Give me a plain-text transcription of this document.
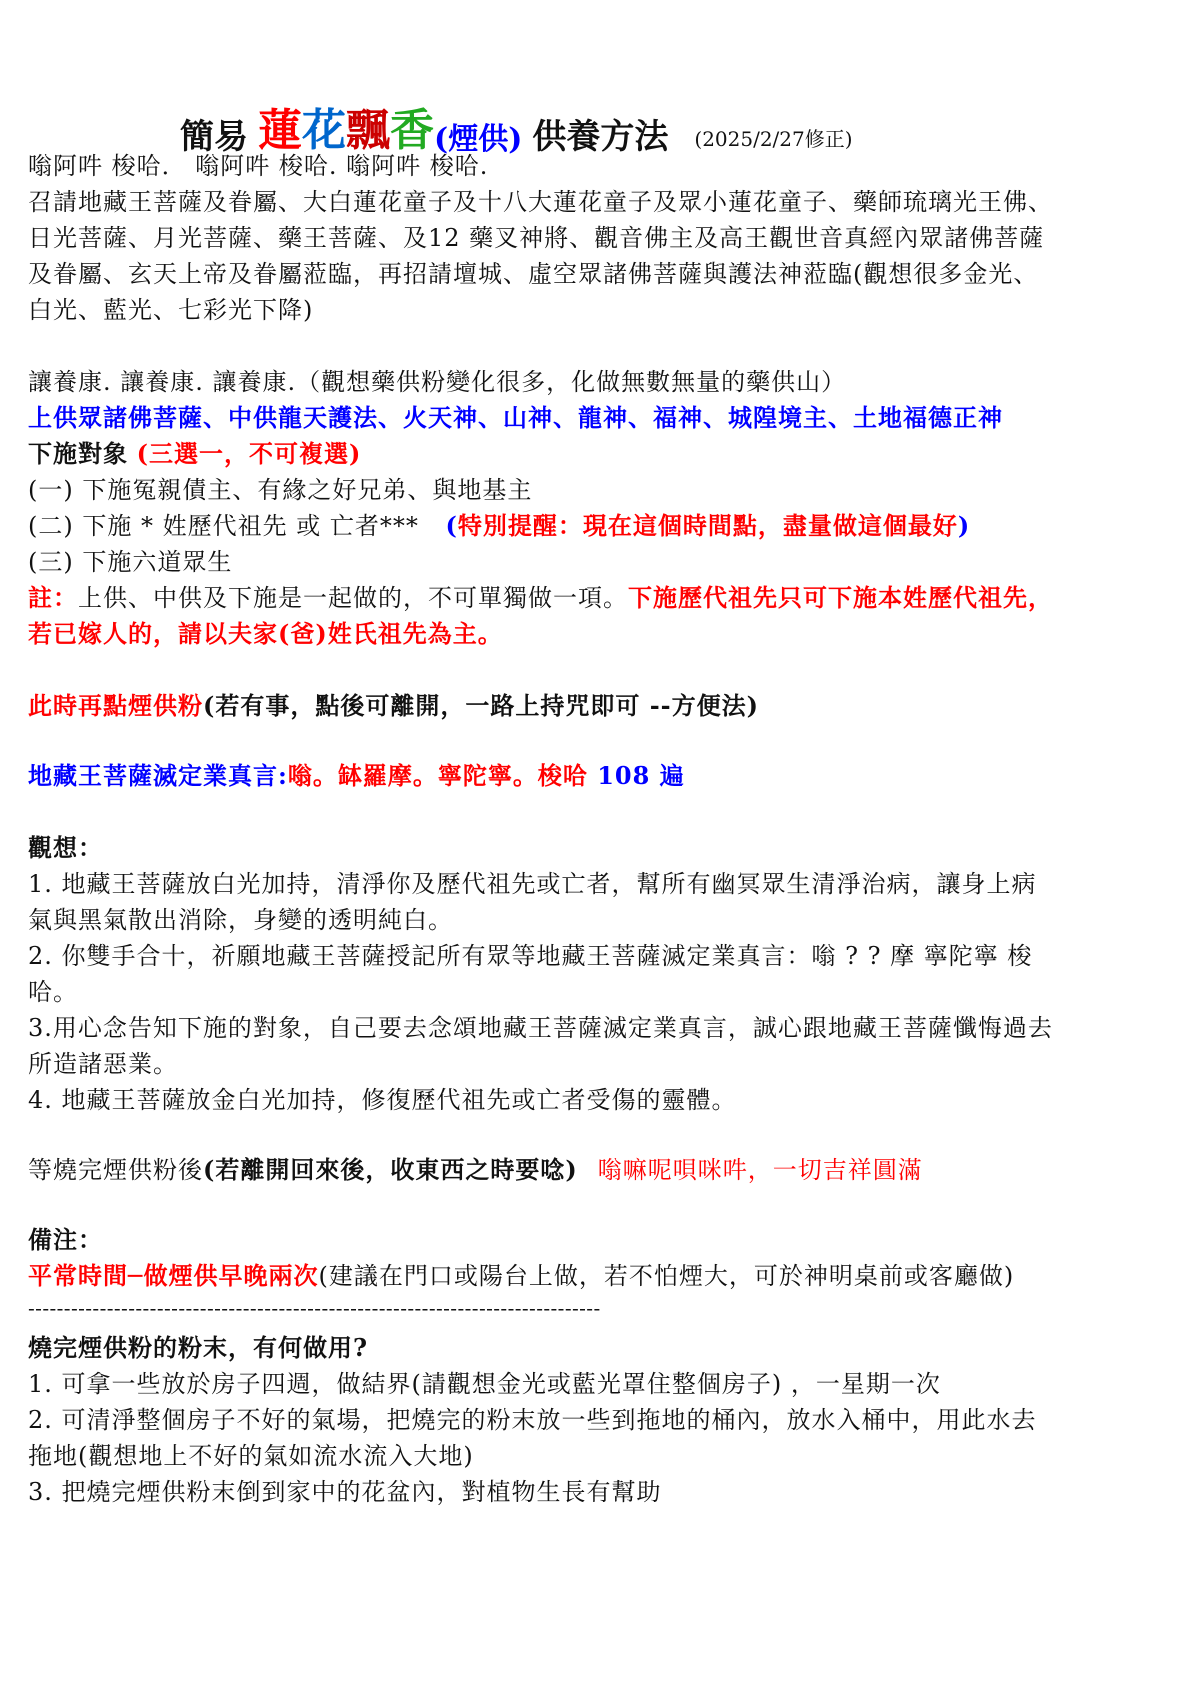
簡易 蓮 花 飄 香 (煙供) 供養方法 (2025/2/27修正)
嗡阿吽 梭哈． 嗡阿吽 梭哈. 嗡阿吽 梭哈.
召請地藏王菩薩及眷屬、大白蓮花童子及十八大蓮花童子及眾小蓮花童子、藥師琉璃光王佛、
日光菩薩、月光菩薩、藥王菩薩、及12 藥叉神將、觀音佛主及高王觀世音真經內眾諸佛菩薩
及眷屬、玄天上帝及眷屬蒞臨，再招請壇城、虛空眾諸佛菩薩與護法神蒞臨(觀想很多金光、
白光、藍光、七彩光下降)
讓養康. 讓養康. 讓養康.（觀想藥供粉變化很多，化做無數無量的藥供山）
上供眾諸佛菩薩、中供龍天護法、火天神、山神、龍神、福神、城隍境主、土地福德正神
下施對象 (三選一，不可複選)
(一) 下施冤親債主、有緣之好兄弟、與地基主
(二) 下施 * 姓歷代祖先 或 亡者*** (特別提醒：現在這個時間點，盡量做這個最好)
(三) 下施六道眾生
註：上供、中供及下施是一起做的，不可單獨做一項。下施歷代祖先只可下施本姓歷代祖先，
若已嫁人的，請以夫家(爸)姓氏祖先為主。
此時再點煙供粉(若有事，點後可離開，一路上持咒即可 --方便法)
地藏王菩薩滅定業真言:嗡。缽羅摩。寧陀寧。梭哈 108 遍
觀想：
1. 地藏王菩薩放白光加持，清淨你及歷代祖先或亡者，幫所有幽冥眾生清淨治病，讓身上病
氣與黑氣散出消除，身變的透明純白。
2. 你雙手合十，祈願地藏王菩薩授記所有眾等地藏王菩薩滅定業真言：嗡 ? ? 摩 寧陀寧 梭
哈。
3.用心念告知下施的對象，自己要去念頌地藏王菩薩滅定業真言，誠心跟地藏王菩薩懺悔過去
所造諸惡業。
4. 地藏王菩薩放金白光加持，修復歷代祖先或亡者受傷的靈體。
等燒完煙供粉後(若離開回來後，收東西之時要唸) 嗡嘛呢唄咪吽，一切吉祥圓滿
備注：
平常時間─做煙供早晚兩次(建議在門口或陽台上做，若不怕煙大，可於神明桌前或客廳做)
--------------------------------------------------------------------------------
燒完煙供粉的粉末，有何做用?
1. 可拿一些放於房子四週，做結界(請觀想金光或藍光罩住整個房子) ，一星期一次
2. 可清淨整個房子不好的氣場，把燒完的粉末放一些到拖地的桶內，放水入桶中，用此水去
拖地(觀想地上不好的氣如流水流入大地)
3. 把燒完煙供粉末倒到家中的花盆內，對植物生長有幫助
